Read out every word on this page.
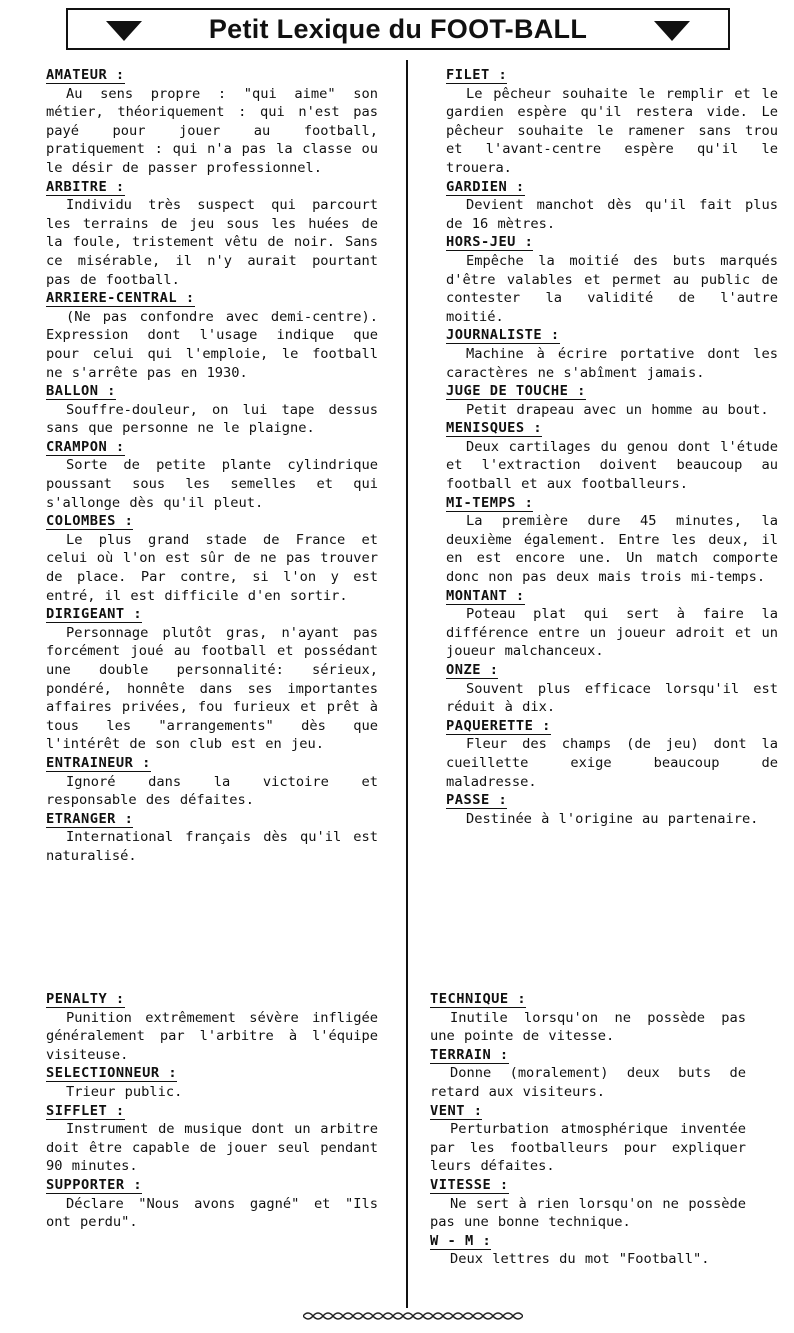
Petit Lexique du FOOT-BALL
AMATEUR :
Au sens propre : "qui aime" son métier, théoriquement : qui n'est pas payé pour jouer au football, pratiquement : qui n'a pas la classe ou le désir de passer professionnel.
ARBITRE :
Individu très suspect qui parcourt les terrains de jeu sous les huées de la foule, tristement vêtu de noir. Sans ce misérable, il n'y aurait pourtant pas de football.
ARRIERE-CENTRAL :
(Ne pas confondre avec demi-centre). Expression dont l'usage indique que pour celui qui l'emploie, le football ne s'arrête pas en 1930.
BALLON :
Souffre-douleur, on lui tape dessus sans que personne ne le plaigne.
CRAMPON :
Sorte de petite plante cylindrique poussant sous les semelles et qui s'allonge dès qu'il pleut.
COLOMBES :
Le plus grand stade de France et celui où l'on est sûr de ne pas trouver de place. Par contre, si l'on y est entré, il est difficile d'en sortir.
DIRIGEANT :
Personnage plutôt gras, n'ayant pas forcément joué au football et possédant une double personnalité: sérieux, pondéré, honnête dans ses importantes affaires privées, fou furieux et prêt à tous les "arrangements" dès que l'intérêt de son club est en jeu.
ENTRAINEUR :
Ignoré dans la victoire et responsable des défaites.
ETRANGER :
International français dès qu'il est naturalisé.
PENALTY :
Punition extrêmement sévère infligée généralement par l'arbitre à l'équipe visiteuse.
SELECTIONNEUR :
Trieur public.
SIFFLET :
Instrument de musique dont un arbitre doit être capable de jouer seul pendant 90 minutes.
SUPPORTER :
Déclare "Nous avons gagné" et "Ils ont perdu".
FILET :
Le pêcheur souhaite le remplir et le gardien espère qu'il restera vide. Le pêcheur souhaite le ramener sans trou et l'avant-centre espère qu'il le trouera.
GARDIEN :
Devient manchot dès qu'il fait plus de 16 mètres.
HORS-JEU :
Empêche la moitié des buts marqués d'être valables et permet au public de contester la validité de l'autre moitié.
JOURNALISTE :
Machine à écrire portative dont les caractères ne s'abîment jamais.
JUGE DE TOUCHE :
Petit drapeau avec un homme au bout.
MENISQUES :
Deux cartilages du genou dont l'étude et l'extraction doivent beaucoup au football et aux footballeurs.
MI-TEMPS :
La première dure 45 minutes, la deuxième également. Entre les deux, il en est encore une. Un match comporte donc non pas deux mais trois mi-temps.
MONTANT :
Poteau plat qui sert à faire la différence entre un joueur adroit et un joueur malchanceux.
ONZE :
Souvent plus efficace lorsqu'il est réduit à dix.
PAQUERETTE :
Fleur des champs (de jeu) dont la cueillette exige beaucoup de maladresse.
PASSE :
Destinée à l'origine au partenaire.
TECHNIQUE :
Inutile lorsqu'on ne possède pas une pointe de vitesse.
TERRAIN :
Donne (moralement) deux buts de retard aux visiteurs.
VENT :
Perturbation atmosphérique inventée par les footballeurs pour expliquer leurs défaites.
VITESSE :
Ne sert à rien lorsqu'on ne possède pas une bonne technique.
W - M :
Deux lettres du mot "Football".
